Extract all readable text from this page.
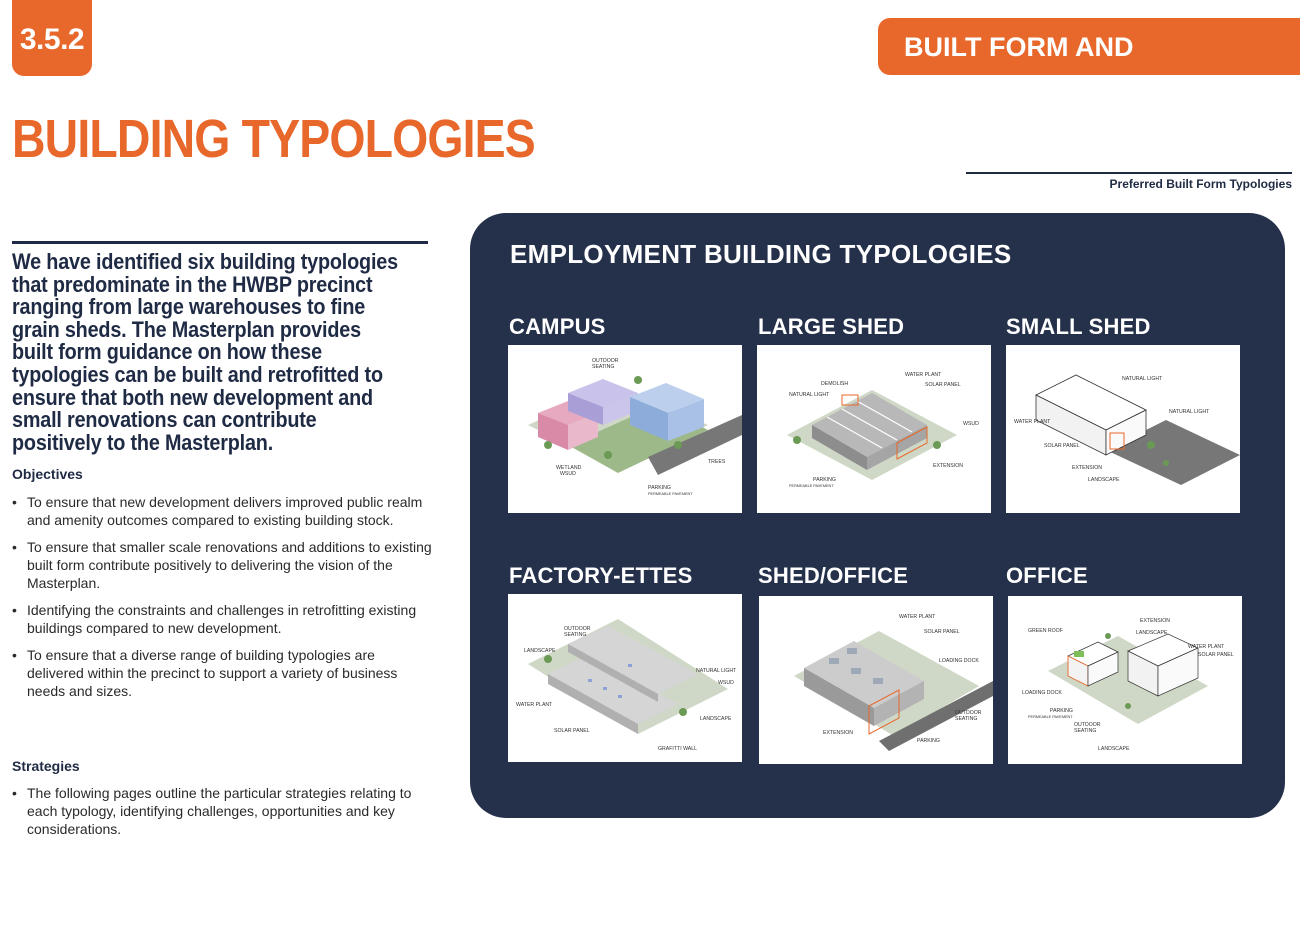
3.5.2	BUILT FORM AND INFRASTRUCTURE
BUILDING TYPOLOGIES
Preferred Built Form Typologies
We have identified six building typologies that predominate in the HWBP precinct ranging from large warehouses to fine grain sheds. The Masterplan provides built form guidance on how these typologies can be built and retrofitted to ensure that both new development and small renovations can contribute positively to the Masterplan.
Objectives
• To ensure that new development delivers improved public realm and amenity outcomes compared to existing building stock.
• To ensure that smaller scale renovations and additions to existing built form contribute positively to delivering the vision of the Masterplan.
• Identifying the constraints and challenges in retrofitting existing buildings compared to new development.
• To ensure that a diverse range of building typologies are delivered within the precinct to support a variety of business needs and sizes.
Strategies
• The following pages outline the particular strategies relating to each typology, identifying challenges, opportunities and key considerations.
EMPLOYMENT BUILDING TYPOLOGIES
CAMPUS
OUTDOOR
SEATING
WETLAND
WSUD
TREES
PARKING
PERMEABLE PAVEMENT
LARGE SHED
WATER PLANT
DEMOLISH	SOLAR PANEL
NATURAL LIGHT
WSUD
EXTENSION
PARKING
PERMEABLE PAVEMENT
SMALL SHED
NATURAL LIGHT
NATURAL LIGHT
WATER PLANT
SOLAR PANEL
EXTENSION
LANDSCAPE
FACTORY-ETTES
OUTDOOR
SEATING
LANDSCAPE
NATURAL LIGHT
WSUD
WATER PLANT
LANDSCAPE
SOLAR PANEL
GRAFITTI WALL
SHED/OFFICE
WATER PLANT
SOLAR PANEL
LOADING DOCK
OUTDOOR
SEATING
EXTENSION
PARKING
OFFICE
EXTENSION
GREEN ROOF	LANDSCAPE
WATER PLANT
SOLAR PANEL
LOADING DOCK
PARKING
PERMEABLE PAVEMENT
OUTDOOR
SEATING
LANDSCAPE
